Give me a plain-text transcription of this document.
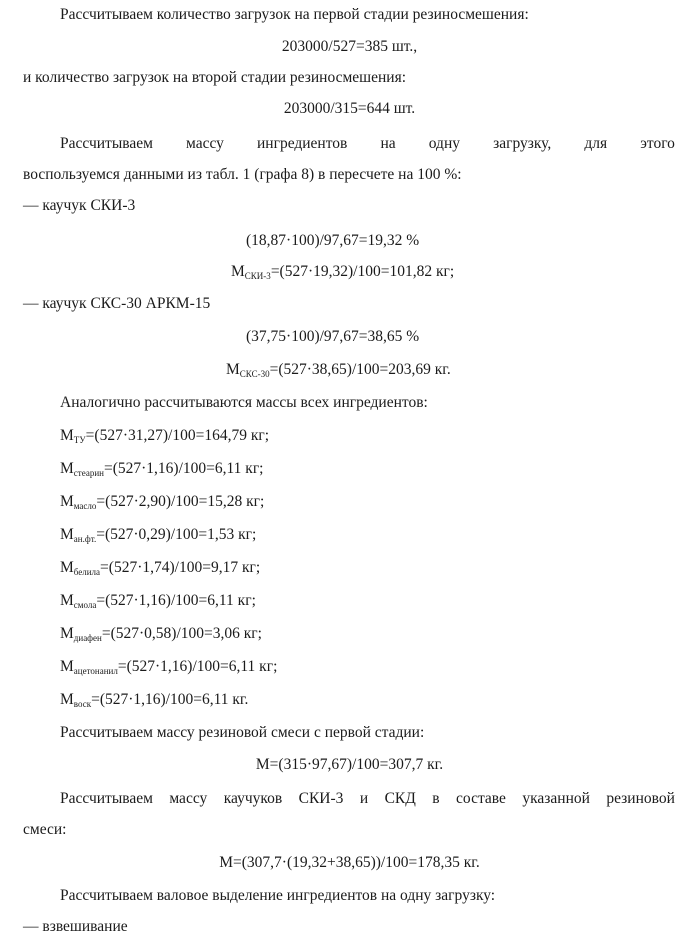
Рассчитываем количество загрузок на первой стадии резиносмешения:
203000/527=385 шт.,
и количество загрузок на второй стадии резиносмешения:
203000/315=644 шт.
Рассчитываем массу ингредиентов на одну загрузку, для этого
воспользуемся данными из табл. 1 (графа 8) в пересчете на 100 %:
— каучук СКИ-3
(18,87·100)/97,67=19,32 %
$М_{СКИ-3}=(527\cdot 19,32)/100=101,82$ кг;
— каучук СКС-30 АРКМ-15
(37,75·100)/97,67=38,65 %
$М_{СКС-30}=(527\cdot 38,65)/100=203,69$ кг.
Аналогично рассчитываются массы всех ингредиентов:
$М_{ТУ}=(527\cdot 31,27)/100=164,79$ кг;
$М_{стеарин}=(527\cdot 1,16)/100=6,11$ кг;
$М_{масло}=(527\cdot 2,90)/100=15,28$ кг;
$М_{ан.фт.}=(527\cdot 0,29)/100=1,53$ кг;
$М_{белила}=(527\cdot 1,74)/100=9,17$ кг;
$М_{смола}=(527\cdot 1,16)/100=6,11$ кг;
$М_{диафен}=(527\cdot 0,58)/100=3,06$ кг;
$М_{ацетонанил}=(527\cdot 1,16)/100=6,11$ кг;
$М_{воск}=(527\cdot 1,16)/100=6,11$ кг.
Рассчитываем массу резиновой смеси с первой стадии:
М=(315·97,67)/100=307,7 кг.
Рассчитываем массу каучуков СКИ-3 и СКД в составе указанной резиновой
смеси:
М=(307,7·(19,32+38,65))/100=178,35 кг.
Рассчитываем валовое выделение ингредиентов на одну загрузку:
— взвешивание
